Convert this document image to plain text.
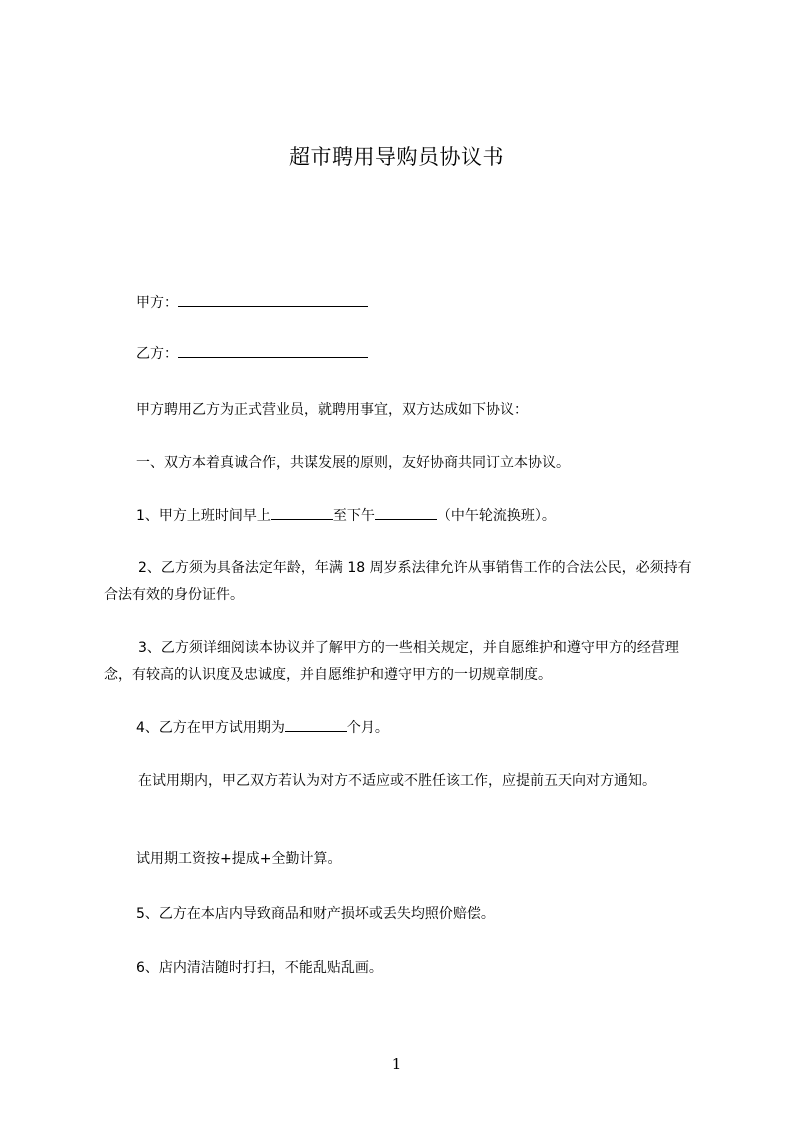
超市聘用导购员协议书
甲方：
乙方：
甲方聘用乙方为正式营业员，就聘用事宜，双方达成如下协议：
一、双方本着真诚合作，共谋发展的原则，友好协商共同订立本协议。
1、甲方上班时间早上	至下午	（中午轮流换班）。
2、乙方须为具备法定年龄，年满 18 周岁系法律允许从事销售工作的合法公民，必须持有合法有效的身份证件。
3、乙方须详细阅读本协议并了解甲方的一些相关规定，并自愿维护和遵守甲方的经营理念，有较高的认识度及忠诚度，并自愿维护和遵守甲方的一切规章制度。
4、乙方在甲方试用期为	个月。
在试用期内，甲乙双方若认为对方不适应或不胜任该工作，应提前五天向对方通知。
试用期工资按+提成+全勤计算。
5、乙方在本店内导致商品和财产损坏或丢失均照价赔偿。
6、店内清洁随时打扫，不能乱贴乱画。
1
